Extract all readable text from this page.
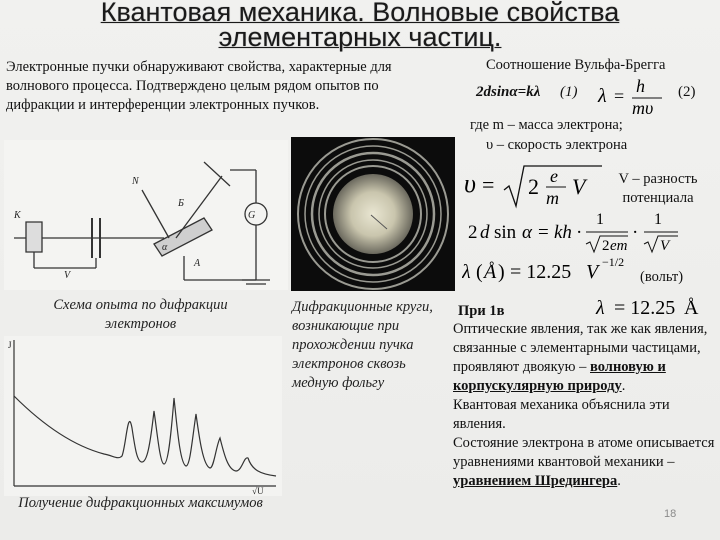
Квантовая механика. Волновые свойства
элементарных частиц.
Электронные пучки обнаруживают свойства, характерные для волнового процесса. Подтверждено целым рядом опытов по дифракции и интерференции электронных пучков.
К
V
N
Б
G
А
α
Схема опыта по дифракции электронов
J
√U
Получение дифракционных максимумов
Дифракционные круги, возникающие при прохождении пучка электронов сквозь медную фольгу
Соотношение Вульфа-Брегга
2dsinα=kλ (1) λ = h
mυ
(2)
где m – масса электрона;
υ – скорость электрона
υ = 2 e
m V	V – разность потенциала
2 d sin α = kh ·
1
2 em
·
1
V
λ ( Å ) = 12.25 V −1/2
(вольт)
При 1в	λ = 12.25 Å
Оптические явления, так же как явления, связанные с элементарными частицами, проявляют двоякую – волновую и корпускулярную природу.
Квантовая механика объяснила эти явления.
Состояние электрона в атоме описывается уравнениями квантовой механики – уравнением Шредингера.
18
